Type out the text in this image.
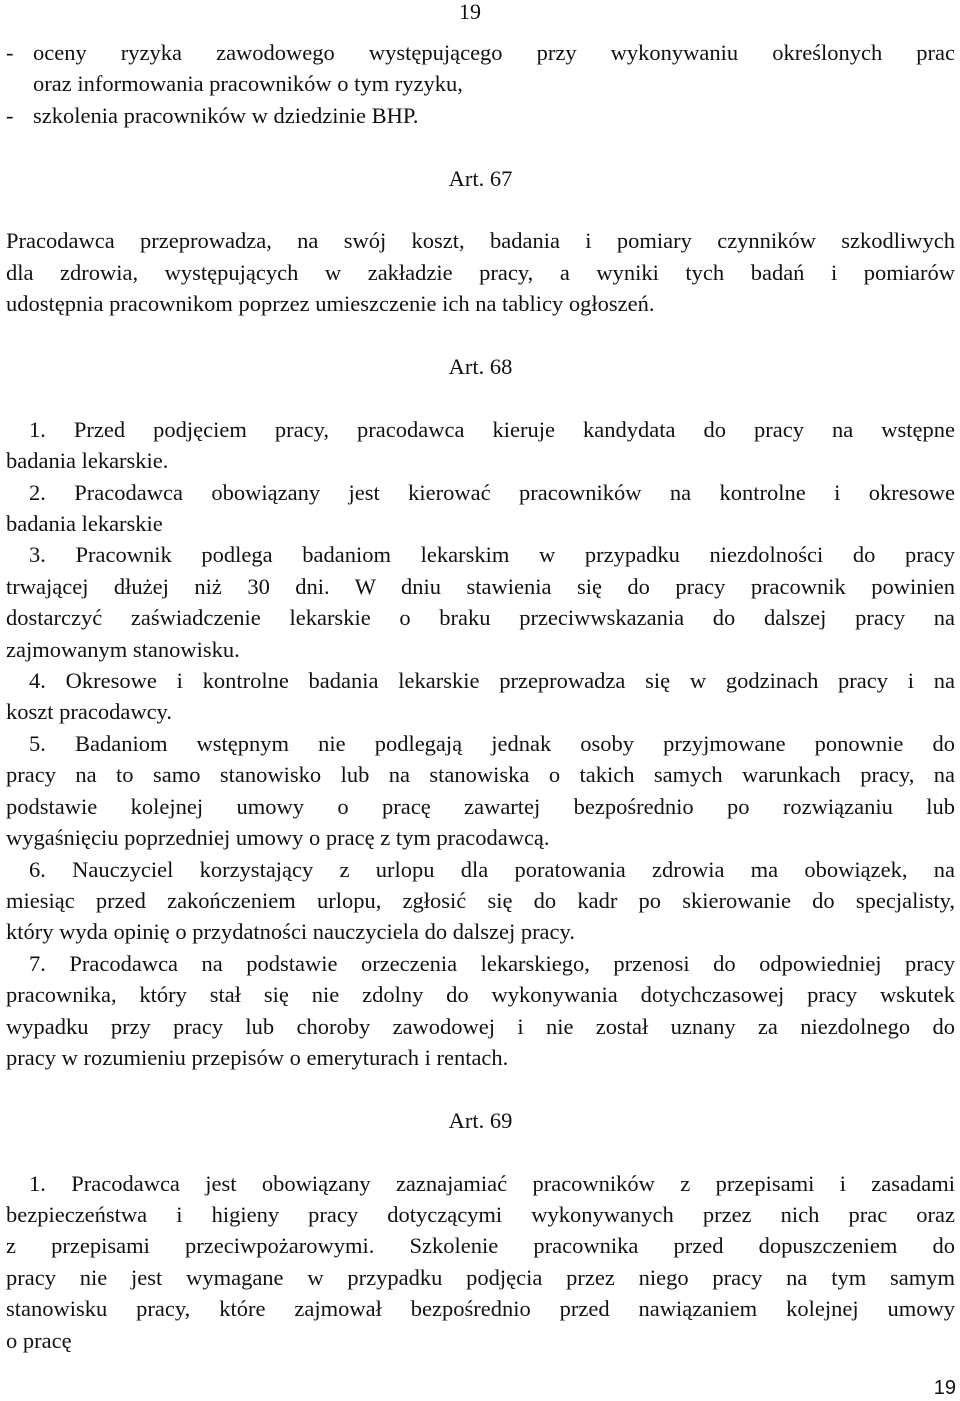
19
- oceny ryzyka zawodowego występującego przy wykonywaniu określonych prac
oraz informowania pracowników o tym ryzyku,
- szkolenia pracowników w dziedzinie BHP.
Art. 67
Pracodawca przeprowadza, na swój koszt, badania i pomiary czynników szkodliwych
dla zdrowia, występujących w zakładzie pracy, a wyniki tych badań i pomiarów
udostępnia pracownikom poprzez umieszczenie ich na tablicy ogłoszeń.
Art. 68
1. Przed podjęciem pracy, pracodawca kieruje kandydata do pracy na wstępne
badania lekarskie.
2. Pracodawca obowiązany jest kierować pracowników na kontrolne i okresowe
badania lekarskie
3. Pracownik podlega badaniom lekarskim w przypadku niezdolności do pracy
trwającej dłużej niż 30 dni. W dniu stawienia się do pracy pracownik powinien
dostarczyć zaświadczenie lekarskie o braku przeciwwskazania do dalszej pracy na
zajmowanym stanowisku.
4. Okresowe i kontrolne badania lekarskie przeprowadza się w godzinach pracy i na
koszt pracodawcy.
5. Badaniom wstępnym nie podlegają jednak osoby przyjmowane ponownie do
pracy na to samo stanowisko lub na stanowiska o takich samych warunkach pracy, na
podstawie kolejnej umowy o pracę zawartej bezpośrednio po rozwiązaniu lub
wygaśnięciu poprzedniej umowy o pracę z tym pracodawcą.
6. Nauczyciel korzystający z urlopu dla poratowania zdrowia ma obowiązek, na
miesiąc przed zakończeniem urlopu, zgłosić się do kadr po skierowanie do specjalisty,
który wyda opinię o przydatności nauczyciela do dalszej pracy.
7. Pracodawca na podstawie orzeczenia lekarskiego, przenosi do odpowiedniej pracy
pracownika, który stał się nie zdolny do wykonywania dotychczasowej pracy wskutek
wypadku przy pracy lub choroby zawodowej i nie został uznany za niezdolnego do
pracy w rozumieniu przepisów o emeryturach i rentach.
Art. 69
1. Pracodawca jest obowiązany zaznajamiać pracowników z przepisami i zasadami
bezpieczeństwa i higieny pracy dotyczącymi wykonywanych przez nich prac oraz
z przepisami przeciwpożarowymi. Szkolenie pracownika przed dopuszczeniem do
pracy nie jest wymagane w przypadku podjęcia przez niego pracy na tym samym
stanowisku pracy, które zajmował bezpośrednio przed nawiązaniem kolejnej umowy
o pracę
19
